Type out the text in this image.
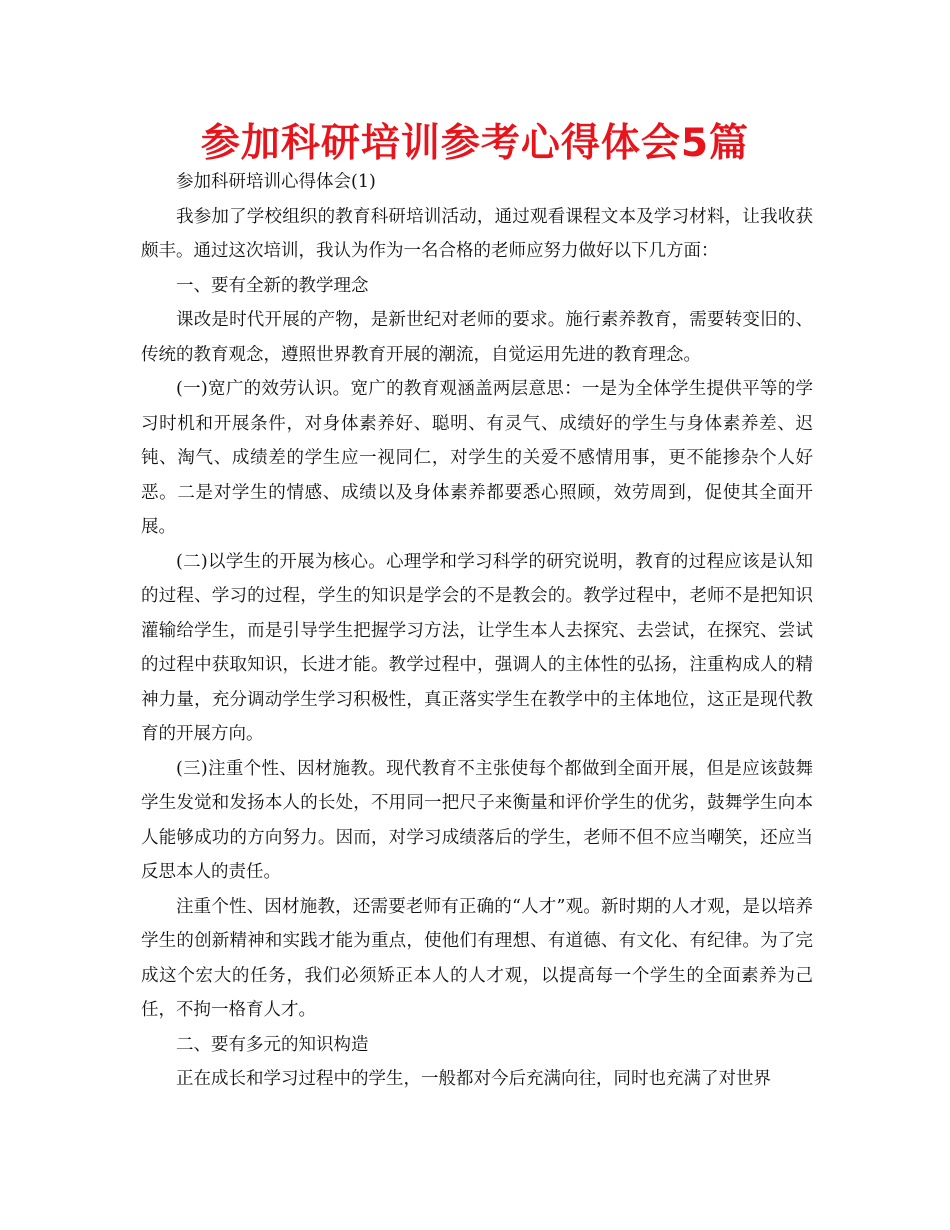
参加科研培训参考心得体会5篇

参加科研培训心得体会(1)

我参加了学校组织的教育科研培训活动，通过观看课程文本及学习材料，让我收获颇丰。通过这次培训，我认为作为一名合格的老师应努力做好以下几方面：

一、要有全新的教学理念

课改是时代开展的产物，是新世纪对老师的要求。施行素养教育，需要转变旧的、传统的教育观念，遵照世界教育开展的潮流，自觉运用先进的教育理念。

(一)宽广的效劳认识。宽广的教育观涵盖两层意思：一是为全体学生提供平等的学习时机和开展条件，对身体素养好、聪明、有灵气、成绩好的学生与身体素养差、迟钝、淘气、成绩差的学生应一视同仁，对学生的关爱不感情用事，更不能掺杂个人好恶。二是对学生的情感、成绩以及身体素养都要悉心照顾，效劳周到，促使其全面开展。

(二)以学生的开展为核心。心理学和学习科学的研究说明，教育的过程应该是认知的过程、学习的过程，学生的知识是学会的不是教会的。教学过程中，老师不是把知识灌输给学生，而是引导学生把握学习方法，让学生本人去探究、去尝试，在探究、尝试的过程中获取知识，长进才能。教学过程中，强调人的主体性的弘扬，注重构成人的精神力量，充分调动学生学习积极性，真正落实学生在教学中的主体地位，这正是现代教育的开展方向。

(三)注重个性、因材施教。现代教育不主张使每个都做到全面开展，但是应该鼓舞学生发觉和发扬本人的长处，不用同一把尺子来衡量和评价学生的优劣，鼓舞学生向本人能够成功的方向努力。因而，对学习成绩落后的学生，老师不但不应当嘲笑，还应当反思本人的责任。

注重个性、因材施教，还需要老师有正确的“人才”观。新时期的人才观，是以培养学生的创新精神和实践才能为重点，使他们有理想、有道德、有文化、有纪律。为了完成这个宏大的任务，我们必须矫正本人的人才观，以提高每一个学生的全面素养为己任，不拘一格育人才。

二、要有多元的知识构造

正在成长和学习过程中的学生，一般都对今后充满向往，同时也充满了对世界
